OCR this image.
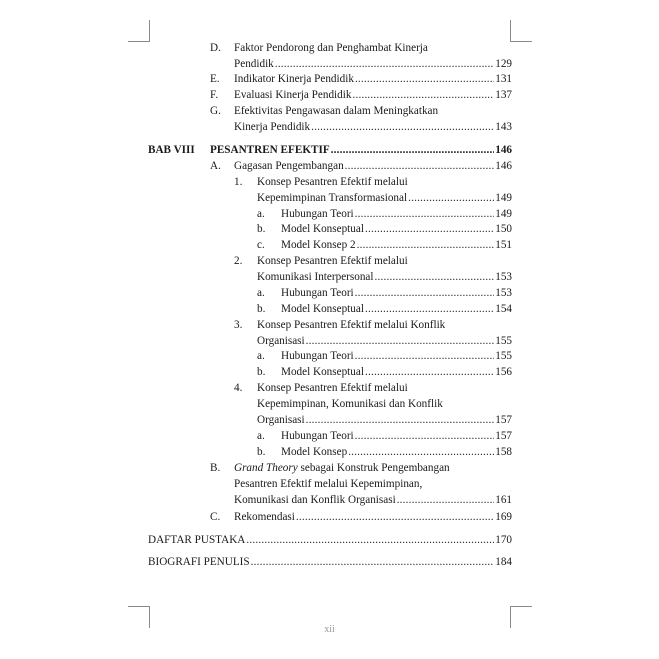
D. Faktor Pendorong dan Penghambat Kinerja
Pendidik .....	129
E. Indikator Kinerja Pendidik .....	131
F. Evaluasi Kinerja Pendidik .....	137
G. Efektivitas Pengawasan dalam Meningkatkan
Kinerja Pendidik .....	143
BAB VIII PESANTREN EFEKTIF .....	146
A. Gagasan Pengembangan .....	146
1. Konsep Pesantren Efektif melalui
Kepemimpinan Transformasional .....	149
a. Hubungan Teori .....	149
b. Model Konseptual .....	150
c. Model Konsep 2 .....	151
2. Konsep Pesantren Efektif melalui
Komunikasi Interpersonal .....	153
a. Hubungan Teori .....	153
b. Model Konseptual .....	154
3. Konsep Pesantren Efektif melalui Konflik
Organisasi .....	155
a. Hubungan Teori .....	155
b. Model Konseptual .....	156
4. Konsep Pesantren Efektif melalui
Kepemimpinan, Komunikasi dan Konflik
Organisasi .....	157
a. Hubungan Teori .....	157
b. Model Konsep .....	158
B. Grand Theory sebagai Konstruk Pengembangan
Pesantren Efektif melalui Kepemimpinan,
Komunikasi dan Konflik Organisasi .....	161
C. Rekomendasi .....	169
DAFTAR PUSTAKA .....	170
BIOGRAFI PENULIS .....	184
xii
